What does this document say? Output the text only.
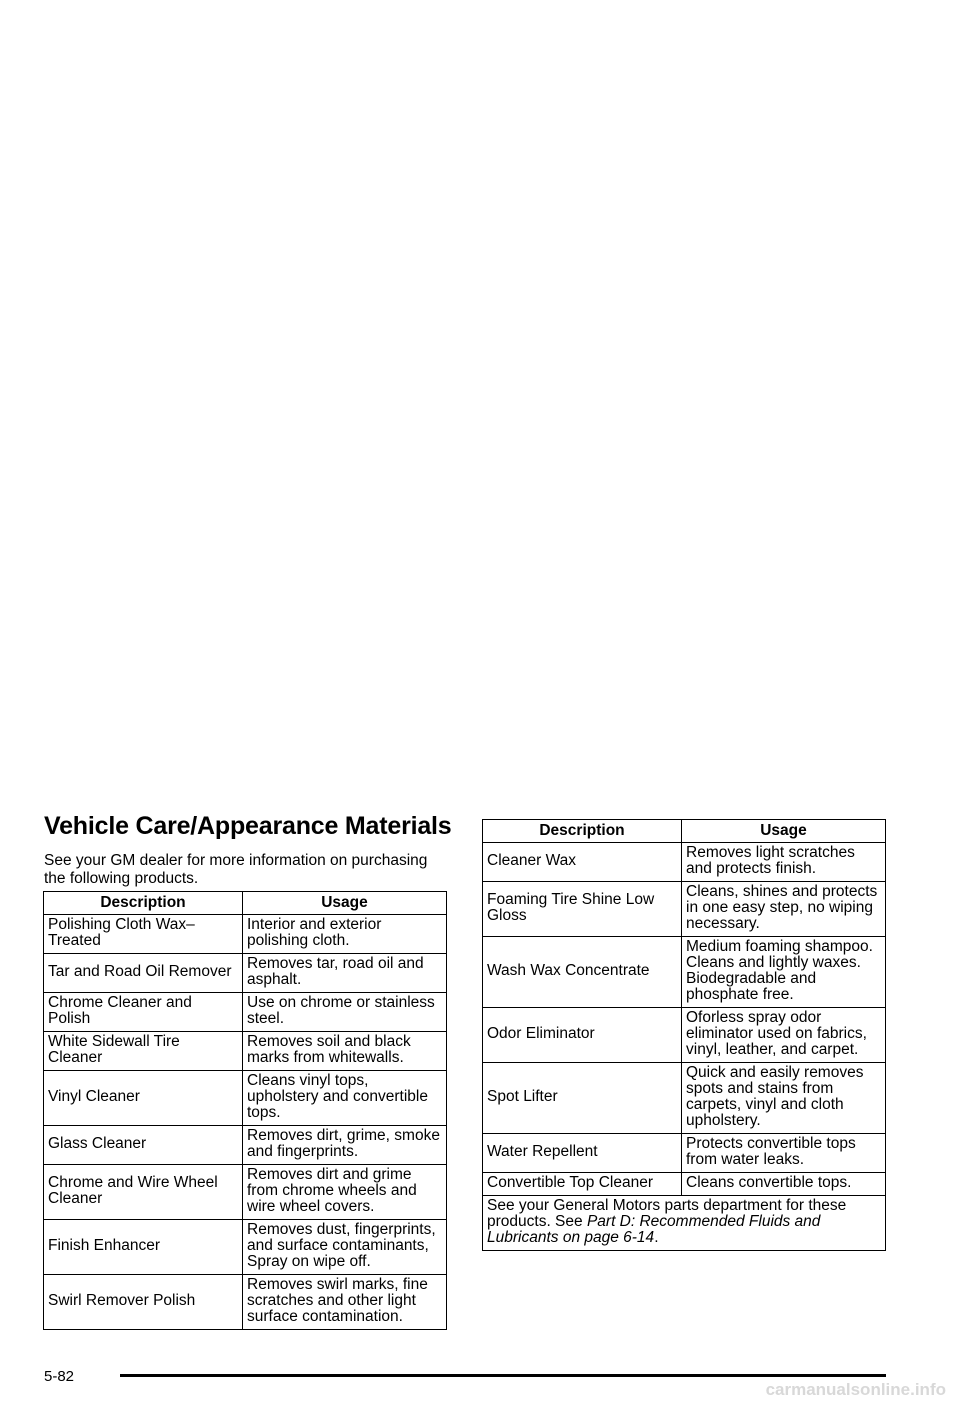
Vehicle Care/Appearance Materials

See your GM dealer for more information on purchasing the following products.

Description	Usage
Polishing Cloth Wax–Treated	Interior and exterior polishing cloth.
Tar and Road Oil Remover	Removes tar, road oil and asphalt.
Chrome Cleaner and Polish	Use on chrome or stainless steel.
White Sidewall Tire Cleaner	Removes soil and black marks from whitewalls.
Vinyl Cleaner	Cleans vinyl tops, upholstery and convertible tops.
Glass Cleaner	Removes dirt, grime, smoke and fingerprints.
Chrome and Wire Wheel Cleaner	Removes dirt and grime from chrome wheels and wire wheel covers.
Finish Enhancer	Removes dust, fingerprints, and surface contaminants, Spray on wipe off.
Swirl Remover Polish	Removes swirl marks, fine scratches and other light surface contamination.
Description	Usage
Cleaner Wax	Removes light scratches and protects finish.
Foaming Tire Shine Low Gloss	Cleans, shines and protects in one easy step, no wiping necessary.
Wash Wax Concentrate	Medium foaming shampoo. Cleans and lightly waxes. Biodegradable and phosphate free.
Odor Eliminator	Oforless spray odor eliminator used on fabrics, vinyl, leather, and carpet.
Spot Lifter	Quick and easily removes spots and stains from carpets, vinyl and cloth upholstery.
Water Repellent	Protects convertible tops from water leaks.
Convertible Top Cleaner	Cleans convertible tops.
See your General Motors parts department for these products. See Part D: Recommended Fluids and Lubricants on page 6-14.	

5-82

carmanualsonline.info
